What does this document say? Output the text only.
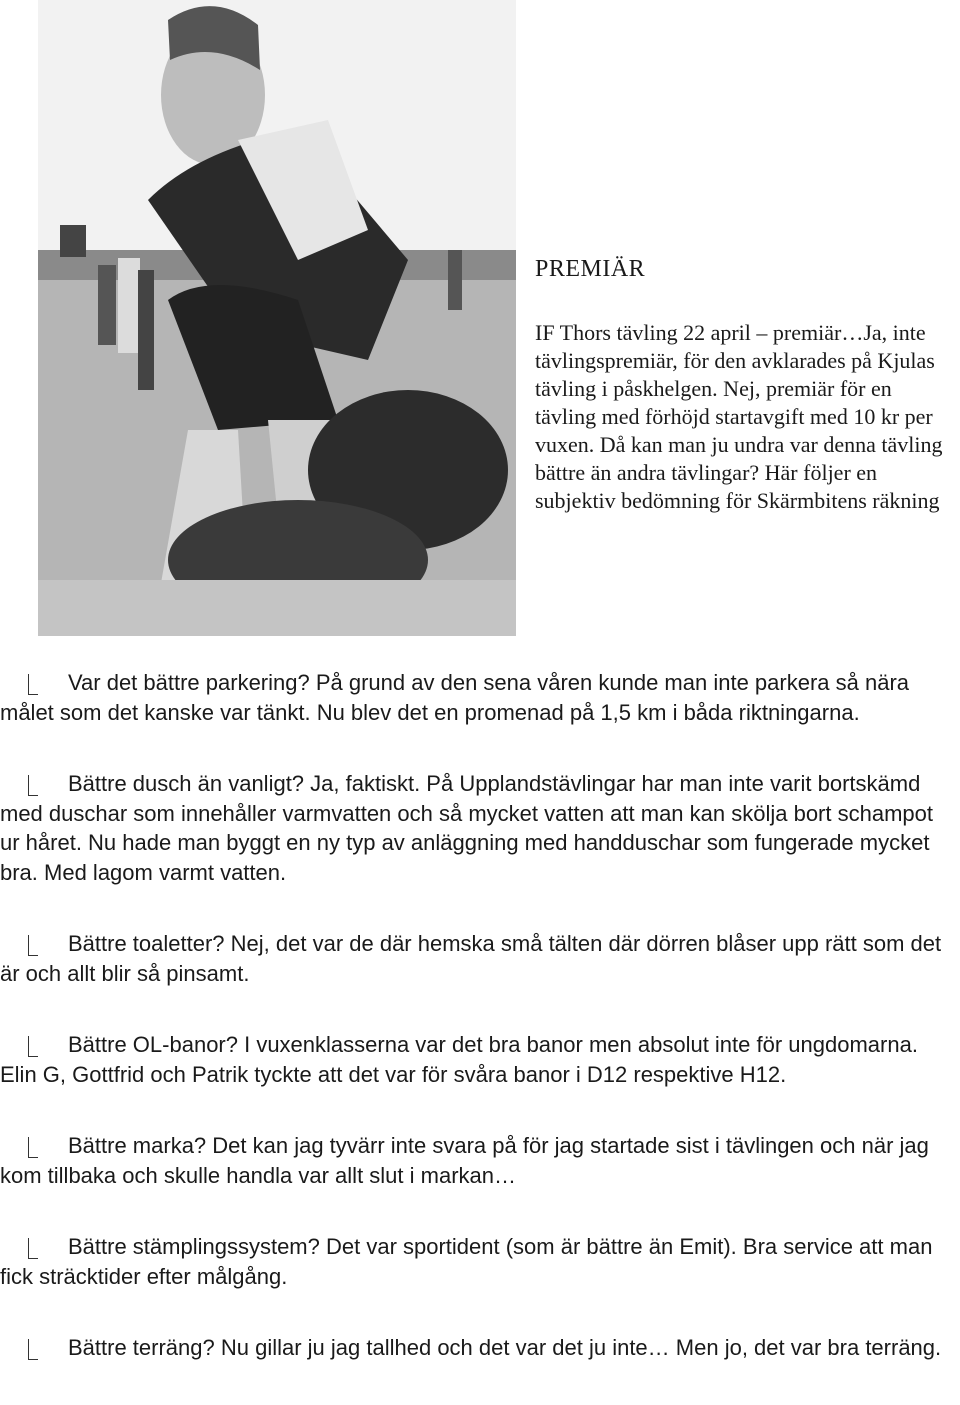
PREMIÄR

IF Thors tävling 22 april – premiär…Ja, inte tävlingspremiär, för den avklarades på Kjulas tävling i påskhelgen. Nej, premiär för en tävling med förhöjd startavgift med 10 kr per vuxen. Då kan man ju undra var denna tävling bättre än andra tävlingar? Här följer en subjektiv bedömning för Skärmbitens räkning

Var det bättre parkering? På grund av den sena våren kunde man inte parkera så nära målet som det kanske var tänkt. Nu blev det en promenad på 1,5 km i båda riktningarna.

Bättre dusch än vanligt? Ja, faktiskt. På Upplandstävlingar har man inte varit bortskämd med duschar som innehåller varmvatten och så mycket vatten att man kan skölja bort schampot ur håret. Nu hade man byggt en ny typ av anläggning med handduschar som fungerade mycket bra. Med lagom varmt vatten.

Bättre toaletter? Nej, det var de där hemska små tälten där dörren blåser upp rätt som det är och allt blir så pinsamt.

Bättre OL-banor? I vuxenklasserna var det bra banor men absolut inte för ungdomarna. Elin G, Gottfrid och Patrik tyckte att det var för svåra banor i D12 respektive H12.

Bättre marka? Det kan jag tyvärr inte svara på för jag startade sist i tävlingen och när jag kom tillbaka och skulle handla var allt slut i markan…

Bättre stämplingssystem? Det var sportident (som är bättre än Emit). Bra service att man fick sträcktider efter målgång.

Bättre terräng? Nu gillar ju jag tallhed och det var det ju inte… Men jo, det var bra terräng.
